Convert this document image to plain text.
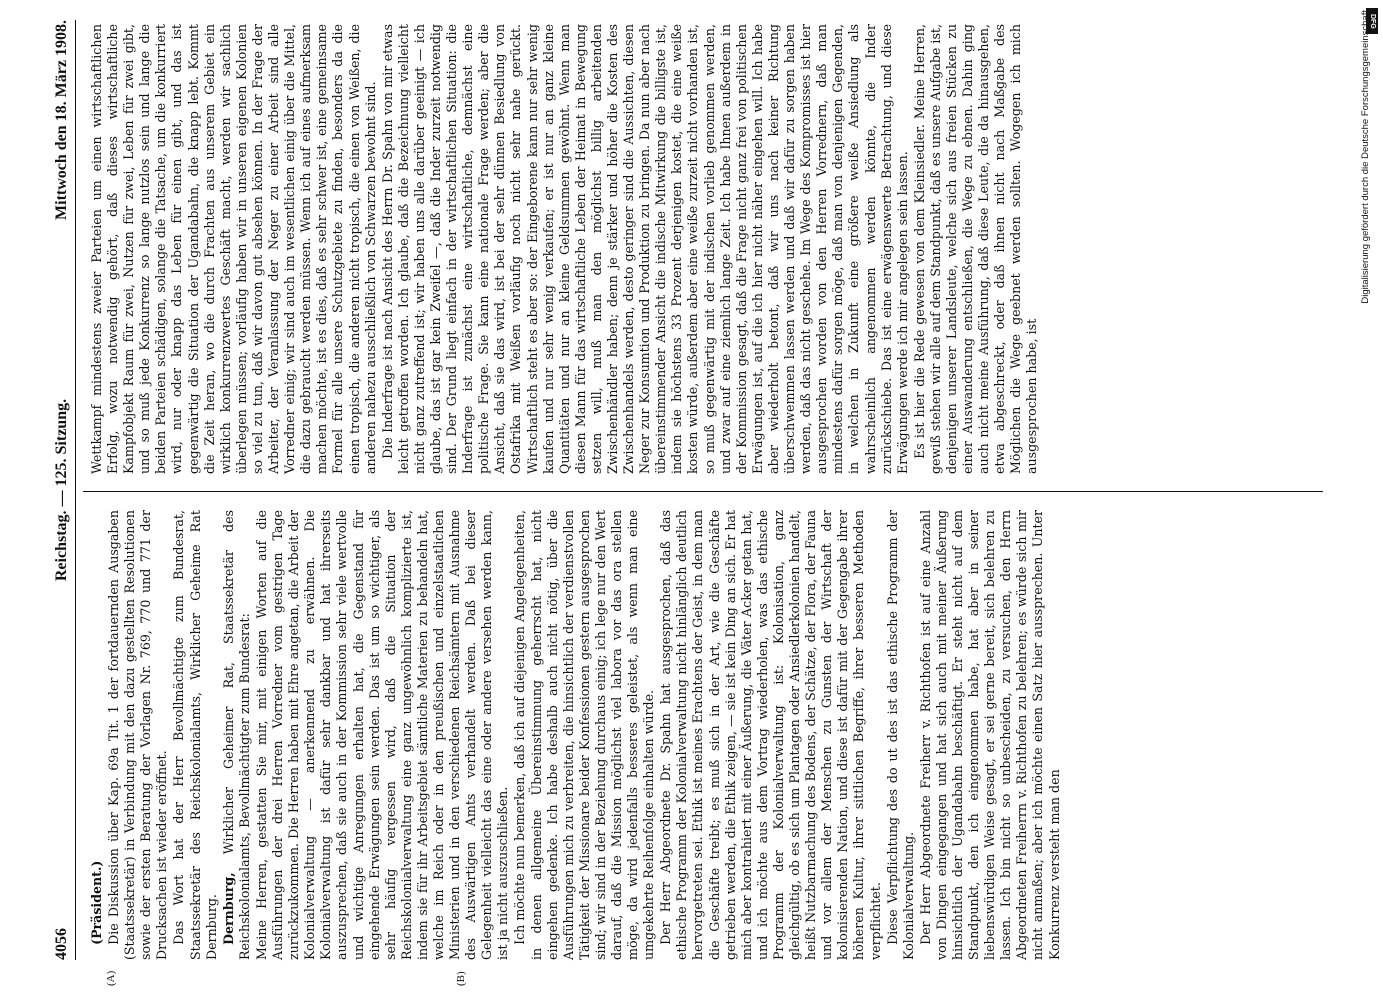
4056
Reichstag. — 125. Sitzung.
Mittwoch den 18. März 1908.
(A)	(B)

(Präsident.) Die Diskussion über Kap. 69a Tit. 1 der fortdauernden Ausgaben (Staatssekretär) in Verbindung mit den dazu gestellten Resolutionen sowie der ersten Beratung der Vorlagen Nr. 769, 770 und 771 der Drucksachen ist wieder eröffnet. Das Wort hat der Herr Bevollmächtigte zum Bundesrat, Staatssekretär des Reichskolonialamts, Wirklicher Geheime Rat Dernburg. Dernburg, Wirklicher Geheimer Rat, Staatssekretär des Reichskolonialamts, Bevollmächtigter zum Bundesrat: Meine Herren, gestatten Sie mir, mit einigen Worten auf die Ausführungen der drei Herren Vorredner vom gestrigen Tage zurückzukommen. Die Herren haben mit Ehre angetan, die Arbeit der Kolonialverwaltung — anerkennend zu erwähnen. Die Kolonialverwaltung ist dafür sehr dankbar und hat ihrerseits auszusprechen, daß sie auch in der Kommission sehr viele wertvolle und wichtige Anregungen erhalten hat, die Gegenstand für eingehende Erwägungen sein werden. Das ist um so wichtiger, als sehr häufig vergessen wird, daß die Situation der Reichskolonialverwaltung eine ganz ungewöhnlich komplizierte ist, indem sie für ihr Arbeitsgebiet sämtliche Materien zu behandeln hat, welche im Reich oder in den preußischen und einzelstaatlichen Ministerien und in den verschiedenen Reichsämtern mit Ausnahme des Auswärtigen Amts verhandelt werden. Daß bei dieser Gelegenheit vielleicht das eine oder andere versehen werden kann, ist ja nicht auszuschließen. Ich möchte nun bemerken, daß ich auf diejenigen Angelegenheiten, in denen allgemeine Übereinstimmung geherrscht hat, nicht eingehen gedenke. Ich habe deshalb auch nicht nötig, über die Ausführungen mich zu verbreiten, die hinsichtlich der verdienstvollen Tätigkeit der Missionare beider Konfessionen gestern ausgesprochen sind; wir sind in der Beziehung durchaus einig; ich lege nur den Wert darauf, daß die Mission möglichst viel labora vor das ora stellen möge, da wird jedenfalls besseres geleistet, als wenn man eine umgekehrte Reihenfolge einhalten würde. Der Herr Abgeordnete Dr. Spahn hat ausgesprochen, daß das ethische Programm der Kolonialverwaltung nicht hinlänglich deutlich hervorgetreten sei. Ethik ist meines Erachtens der Geist, in dem man die Geschäfte treibt; es muß sich in der Art, wie die Geschäfte getrieben werden, die Ethik zeigen, — sie ist kein Ding an sich. Er hat mich aber kontrahiert mit einer Äußerung, die Väter Acker getan hat, und ich möchte aus dem Vortrag wiederholen, was das ethische Programm der Kolonialverwaltung ist: Kolonisation, ganz gleichgültig, ob es sich um Plantagen oder Ansiedlerkolonien handelt, heißt Nutzbarmachung des Bodens, der Schätze, der Flora, der Fauna und vor allem der Menschen zu Gunsten der Wirtschaft der kolonisierenden Nation, und diese ist dafür mit der Gegengabe ihrer höheren Kultur, ihrer sittlichen Begriffe, ihrer besseren Methoden verpflichtet. Diese Verpflichtung des do ut des ist das ethische Programm der Kolonialverwaltung. Der Herr Abgeordnete Freiherr v. Richthofen ist auf eine Anzahl von Dingen eingegangen und hat sich auch mit meiner Äußerung hinsichtlich der Ugandabahn beschäftigt. Er steht nicht auf dem Standpunkt, den ich eingenommen habe, hat aber in seiner liebenswürdigen Weise gesagt, er sei gerne bereit, sich belehren zu lassen. Ich bin nicht so unbescheiden, zu versuchen, den Herrn Abgeordneten Freiherrn v. Richthofen zu belehren; es würde sich mir nicht anmaßen; aber ich möchte einen Satz hier aussprechen. Unter Konkurrenz versteht man den

Wettkampf mindestens zweier Parteien um einen wirtschaftlichen Erfolg, wozu notwendig gehört, daß dieses wirtschaftliche Kampfobjekt Raum für zwei, Nutzen für zwei, Leben für zwei gibt, und so muß jede Konkurrenz so lange nutzlos sein und lange die beiden Parteien schädigen, solange die Tatsache, um die konkurriert wird, nur oder knapp das Leben für einen gibt, und das ist gegenwärtig die Situation der Ugandabahn, die knapp lebt. Kommt die Zeit heran, wo die durch Frachten aus unserem Gebiet ein wirklich konkurrenzwertes Geschäft macht, werden wir sachlich überlegen müssen; vorläufig haben wir in unseren eigenen Kolonien so viel zu tun, daß wir davon gut absehen können. In der Frage der Arbeiter, der Veranlassung der Neger zu einer Arbeit sind alle Vorredner einig; wir sind auch im wesentlichen einig über die Mittel, die dazu gebraucht werden müssen. Wenn ich auf eines aufmerksam machen möchte, ist es dies, daß es sehr schwer ist, eine gemeinsame Formel für alle unsere Schutzgebiete zu finden, besonders da die einen tropisch, die anderen nicht tropisch, die einen von Weißen, die anderen nahezu ausschließlich von Schwarzen bewohnt sind. Die Inderfrage ist nach Ansicht des Herrn Dr. Spahn von mir etwas leicht getroffen worden. Ich glaube, daß die Bezeichnung vielleicht nicht ganz zutreffend ist; wir haben uns alle darüber geeinigt — ich glaube, das ist gar kein Zweifel —, daß die Inder zurzeit notwendig sind. Der Grund liegt einfach in der wirtschaftlichen Situation: die Inderfrage ist zunächst eine wirtschaftliche, demnächst eine politische Frage. Sie kann eine nationale Frage werden; aber die Ansicht, daß sie das wird, ist bei der sehr dünnen Besiedlung von Ostafrika mit Weißen vorläufig noch nicht sehr nahe gerückt. Wirtschaftlich steht es aber so: der Eingeborene kann nur sehr wenig kaufen und nur sehr wenig verkaufen; er ist nur an ganz kleine Quantitäten und nur an kleine Geldsummen gewöhnt. Wenn man diesen Mann für das wirtschaftliche Leben der Heimat in Bewegung setzen will, muß man den möglichst billig arbeitenden Zwischenhändler haben; denn je stärker und höher die Kosten des Zwischenhandels werden, desto geringer sind die Aussichten, diesen Neger zur Konsumtion und Produktion zu bringen. Da nun aber nach übereinstimmender Ansicht die indische Mitwirkung die billigste ist, indem sie höchstens 33 Prozent derjenigen kostet, die eine weiße kosten würde, außerdem aber eine weiße zurzeit nicht vorhanden ist, so muß gegenwärtig mit der indischen vorlieb genommen werden, und zwar auf eine ziemlich lange Zeit. Ich habe Ihnen außerdem in der Kommission gesagt, daß die Frage nicht ganz frei von politischen Erwägungen ist, auf die ich hier nicht näher eingehen will. Ich habe aber wiederholt betont, daß wir uns nach keiner Richtung überschwemmen lassen werden und daß wir dafür zu sorgen haben werden, daß das nicht geschehe. Im Wege des Kompromisses ist hier ausgesprochen worden von den Herren Vorrednern, daß man mindestens dafür sorgen möge, daß man von denjenigen Gegenden, in welchen in Zukunft eine größere weiße Ansiedlung als wahrscheinlich angenommen werden könnte, die Inder zurückschiebe. Das ist eine erwägenswerte Betrachtung, und diese Erwägungen werde ich mir angelegen sein lassen. Es ist hier die Rede gewesen von dem Kleinsiedler. Meine Herren, gewiß stehen wir alle auf dem Standpunkt, daß es unsere Aufgabe ist, denjenigen unserer Landsleute, welche sich aus freien Stücken zu einer Auswanderung entschließen, die Wege zu ebnen. Dahin ging auch nicht meine Ausführung, daß diese Leute, die da hinausgehen, etwa abgeschreckt, oder daß ihnen nicht nach Maßgabe des Möglichen die Wege geebnet werden sollten. Wogegen ich mich ausgesprochen habe, ist

DFG
Digitalisierung gefördert durch die Deutsche Forschungsgemeinschaft
